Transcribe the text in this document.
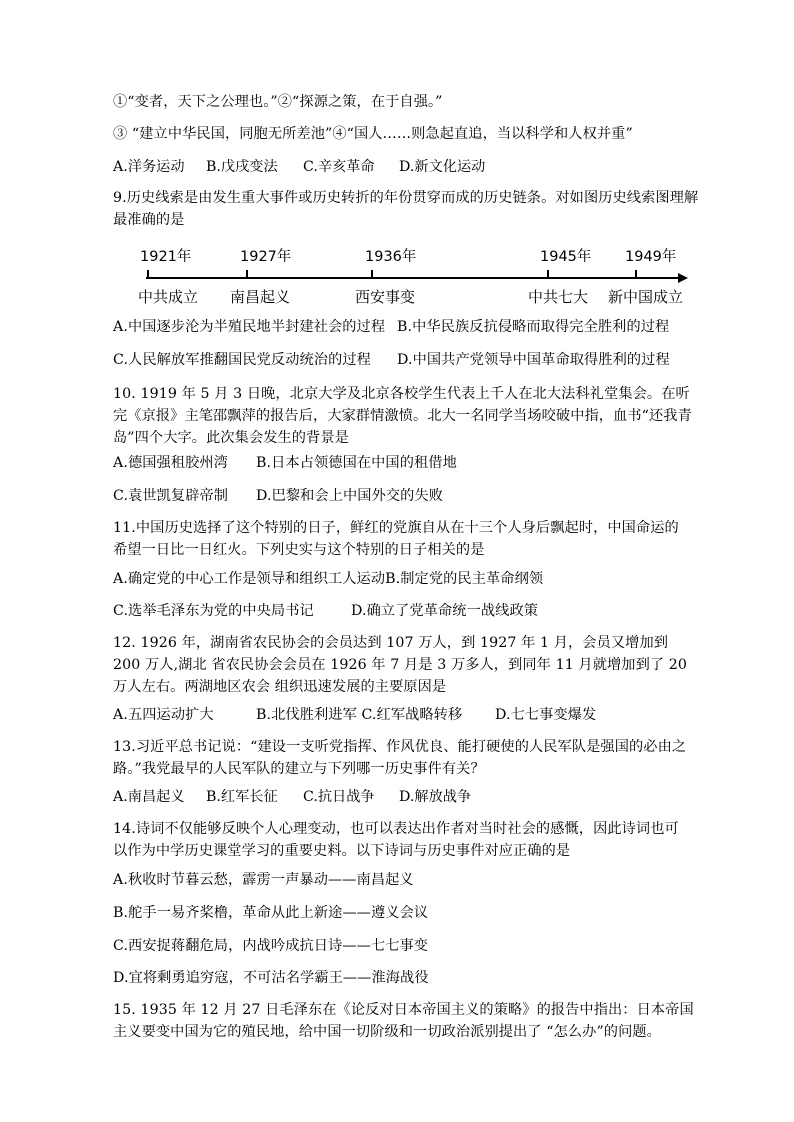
①“变者，天下之公理也。”②“探源之策，在于自强。”
③ “建立中华民国，同胞无所差池”④“国人……则急起直追，当以科学和人权并重”
A.洋务运动 B.戊戌变法 C.辛亥革命 D.新文化运动
9.历史线索是由发生重大事件或历史转折的年份贯穿而成的历史链条。对如图历史线索图理解最准确的是
1921年	1927年	1936年	1945年 1949年
中共成立 南昌起义	西安事变	中共七大 新中国成立
A.中国逐步沦为半殖民地半封建社会的过程 B.中华民族反抗侵略而取得完全胜利的过程
C.人民解放军推翻国民党反动统治的过程	D.中国共产党领导中国革命取得胜利的过程
10. 1919 年 5 月 3 日晚，北京大学及北京各校学生代表上千人在北大法科礼堂集会。在听完《京报》主笔邵飘萍的报告后，大家群情激愤。北大一名同学当场咬破中指，血书“还我青岛”四个大字。此次集会发生的背景是
A.德国强租胶州湾	B.日本占领德国在中国的租借地
C.袁世凯复辟帝制	D.巴黎和会上中国外交的失败
11.中国历史选择了这个特别的日子，鲜红的党旗自从在十三个人身后飘起时，中国命运的希望一日比一日红火。下列史实与这个特别的日子相关的是
A.确定党的中心工作是领导和组织工人运动B.制定党的民主革命纲领
C.选举毛泽东为党的中央局书记	D.确立了党革命统一战线政策
12. 1926 年，湖南省农民协会的会员达到 107 万人，到 1927 年 1 月，会员又增加到 200 万人,湖北 省农民协会会员在 1926 年 7 月是 3 万多人，到同年 11 月就增加到了 20 万人左右。两湖地区农会 组织迅速发展的主要原因是
A.五四运动扩大	B.北伐胜利进军 C.红军战略转移	D.七七事变爆发
13.习近平总书记说：“建设一支听党指挥、作风优良、能打硬使的人民军队是强国的必由之路。”我党最早的人民军队的建立与下列哪一历史事件有关？
A.南昌起义 B.红军长征 C.抗日战争 D.解放战争
14.诗词不仅能够反映个人心理变动，也可以表达出作者对当时社会的感慨，因此诗词也可以作为中学历史课堂学习的重要史料。以下诗词与历史事件对应正确的是
A.秋收时节暮云愁，霹雳一声暴动——南昌起义
B.舵手一易齐桨橹，革命从此上新途——遵义会议
C.西安捉蒋翻危局，内战吟成抗日诗——七七事变
D.宜将剩勇追穷寇，不可沽名学霸王——淮海战役
15. 1935 年 12 月 27 日毛泽东在《论反对日本帝国主义的策略》的报告中指出：日本帝国主义要变中国为它的殖民地，给中国一切阶级和一切政治派别提出了 “怎么办”的问题。
